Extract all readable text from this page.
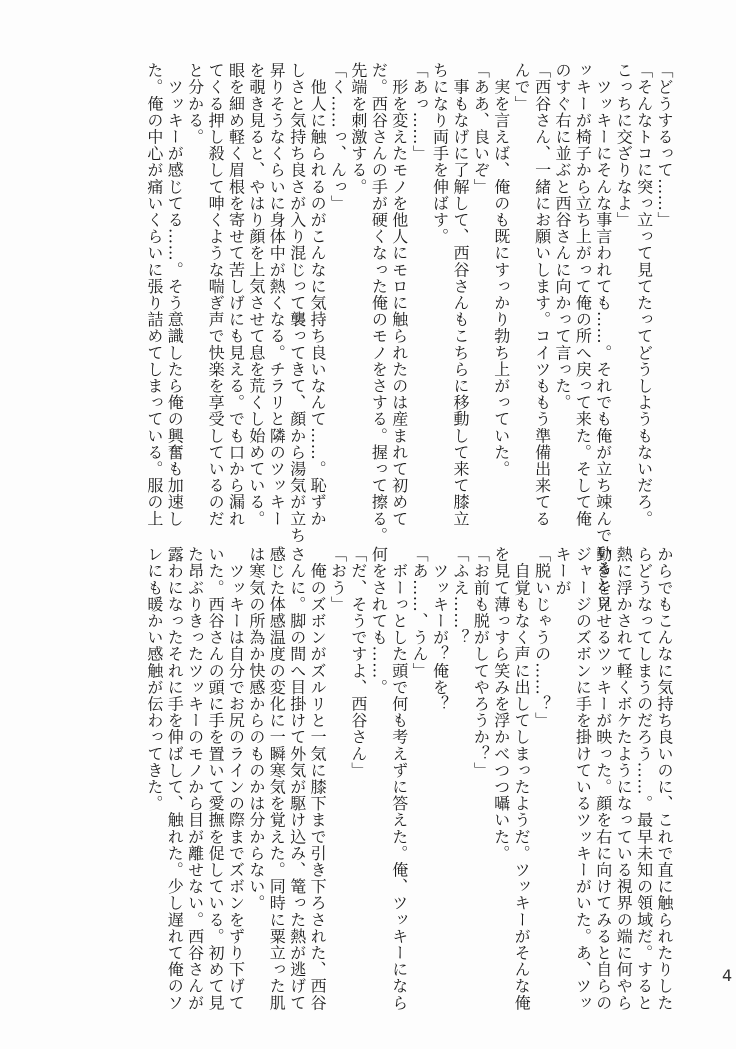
「どうするって……」

「そんなトコに突っ立って見てたってどうしようもないだろ。

こっちに交ざりなよ」

　ツッキーにそんな事言われても……。それでも俺が立ち竦んでいるとツ

ッキーが椅子から立ち上がって俺の所へ戻って来た。そして俺

のすぐ右に並ぶと西谷さんに向かって言った。

「西谷さん、一緒にお願いします。コイツももう準備出来てる

んで」

　実を言えば、俺のも既にすっかり勃ち上がっていた。

「ああ、良いぞ」

　事もなげに了解して、西谷さんもこちらに移動して来て膝立

ちになり両手を伸ばす。

「あっ……」

　形を変えたモノを他人にモロに触られたのは産まれて初めて

だ。西谷さんの手が硬くなった俺のモノをさする。握って擦る。

先端を刺激する。

「く……っ、んっ」

　他人に触られるのがこんなに気持ち良いなんて……。恥ずか

しさと気持ち良さが入り混じって襲ってきて、顔から湯気が立ち

昇りそうなくらいに身体中が熱くなる。チラリと隣のツッキー

を覗き見ると、やはり顔を上気させて息を荒くし始めている。

眼を細め軽く眉根を寄せて苦しげにも見える。でも口から漏れ

てくる押し殺して呻くような喘ぎ声で快楽を享受しているのだ

と分かる。

　ツッキーが感じてる……。そう意識したら俺の興奮も加速し

た。俺の中心が痛いくらいに張り詰めてしまっている。服の上

からでもこんなに気持ち良いのに、これで直に触られたりした

らどうなってしまうのだろう……。最早未知の領域だ。すると

熱に浮かされて軽くボケたようになっている視界の端に何やら

動きを見せるツッキーが映った。顔を右に向けてみると自らの

ジャージのズボンに手を掛けているツッキーがいた。あ、ツッ

キーが

「脱いじゃうの……？」

　自覚もなく声に出してしまったようだ。ツッキーがそんな俺

を見て薄っすら笑みを浮かべつつ囁いた。

「お前も脱がしてやろうか？」

「ふえ……？

　ツッキーが？俺を？

「あ……、うん」

　ボーっとした頭で何も考えずに答えた。俺、ツッキーになら

何をされても……。

「だ、そうですよ、西谷さん」

「おう」

　俺のズボンがズルリと一気に膝下まで引き下ろされた、西谷

さんに。脚の間へ目掛けて外気が駆け込み、篭った熱が逃げて

感じた体感温度の変化に一瞬寒気を覚えた。同時に粟立った肌

は寒気の所為か快感からのものかは分からない。

　ツッキーは自分でお尻のラインの際までズボンをずり下げて

いた。西谷さんの頭に手を置いて愛撫を促している。初めて見

た昂ぶりきったツッキーのモノから目が離せない。西谷さんが

露わになったそれに手を伸ばして、触れた。少し遅れて俺のソ

レにも暖かい感触が伝わってきた。

4
